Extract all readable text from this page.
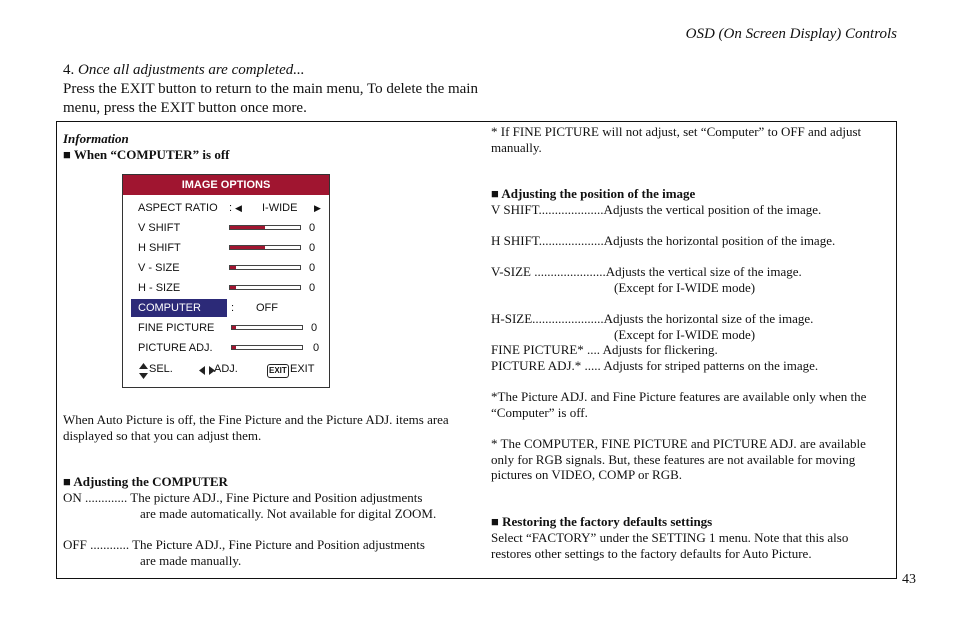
OSD (On Screen Display) Controls
4. Once all adjustments are completed...
Press the EXIT button to return to the main menu, To delete the main menu, press the EXIT button once more.
Information
■ When “COMPUTER” is off
IMAGE OPTIONS
ASPECT RATIO : ◀ I-WIDE ▶
V SHIFT	0
H SHIFT	0
V - SIZE	0
H - SIZE	0
COMPUTER	: OFF
FINE PICTURE	0
PICTURE ADJ.	0
SEL.	ADJ.	EXIT EXIT
When Auto Picture is off, the Fine Picture and the Picture ADJ. items area displayed so that you can adjust them.
■ Adjusting the COMPUTER
ON ............. The picture ADJ., Fine Picture and Position adjustments
are made automatically. Not available for digital ZOOM.
OFF ............ The Picture ADJ., Fine Picture and Position adjustments
are made manually.
* If FINE PICTURE will not adjust, set “Computer” to OFF and adjust manually.
■ Adjusting the position of the image
V SHIFT....................Adjusts the vertical position of the image.
H SHIFT....................Adjusts the horizontal position of the image.
V-SIZE ......................Adjusts the vertical size of the image.
(Except for I-WIDE mode)
H-SIZE......................Adjusts the horizontal size of the image.
(Except for I-WIDE mode)
FINE PICTURE* .... Adjusts for flickering.
PICTURE ADJ.* ..... Adjusts for striped patterns on the image.
*The Picture ADJ. and Fine Picture features are available only when the “Computer” is off.
* The COMPUTER, FINE PICTURE and PICTURE ADJ. are available only for RGB signals. But, these features are not available for moving pictures on VIDEO, COMP or RGB.
■ Restoring the factory defaults settings
Select “FACTORY” under the SETTING 1 menu. Note that this also restores other settings to the factory defaults for Auto Picture.
43
